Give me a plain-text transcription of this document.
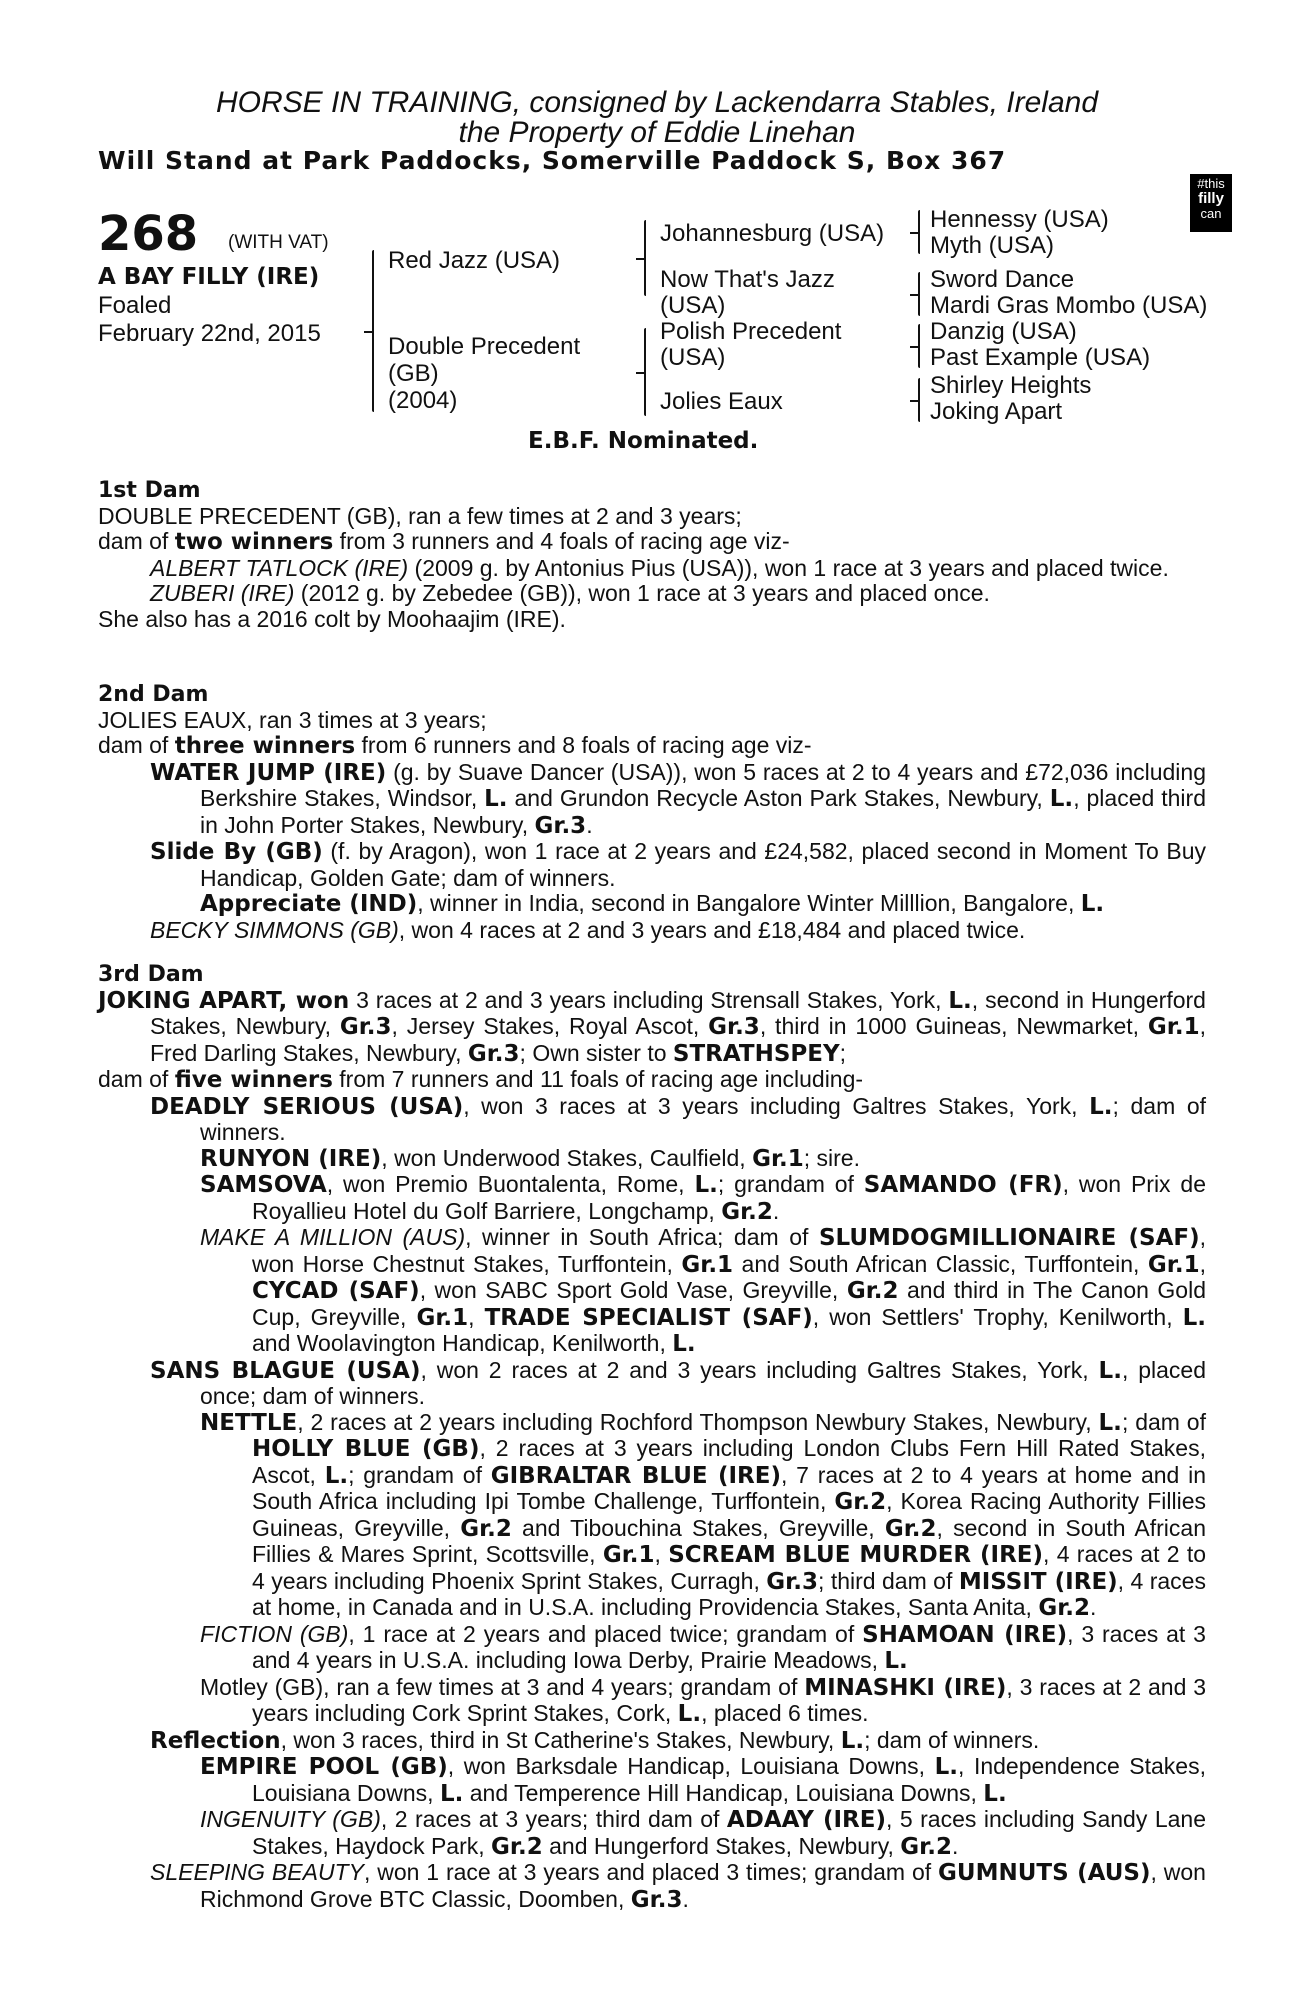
HORSE IN TRAINING, consigned by Lackendarra Stables, Ireland
the Property of Eddie Linehan
Will Stand at Park Paddocks, Somerville Paddock S, Box 367
#this
filly
can
268 (WITH VAT)
A BAY FILLY (IRE)
Foaled
February 22nd, 2015
Red Jazz (USA)
Double Precedent
(GB)
(2004)
Johannesburg (USA)
Now That's Jazz
(USA)
Polish Precedent
(USA)
Jolies Eaux
Hennessy (USA)
Myth (USA)
Sword Dance
Mardi Gras Mombo (USA)
Danzig (USA)
Past Example (USA)
Shirley Heights
Joking Apart
E.B.F. Nominated.
1st Dam
DOUBLE PRECEDENT (GB), ran a few times at 2 and 3 years;
dam of two winners from 3 runners and 4 foals of racing age viz-
ALBERT TATLOCK (IRE) (2009 g. by Antonius Pius (USA)), won 1 race at 3 years and placed twice.
ZUBERI (IRE) (2012 g. by Zebedee (GB)), won 1 race at 3 years and placed once.
She also has a 2016 colt by Moohaajim (IRE).
2nd Dam
JOLIES EAUX, ran 3 times at 3 years;
dam of three winners from 6 runners and 8 foals of racing age viz-
WATER JUMP (IRE) (g. by Suave Dancer (USA)), won 5 races at 2 to 4 years and £72,036 including Berkshire Stakes, Windsor, L. and Grundon Recycle Aston Park Stakes, Newbury, L., placed third in John Porter Stakes, Newbury, Gr.3.
Slide By (GB) (f. by Aragon), won 1 race at 2 years and £24,582, placed second in Moment To Buy Handicap, Golden Gate; dam of winners.
Appreciate (IND), winner in India, second in Bangalore Winter Milllion, Bangalore, L.
BECKY SIMMONS (GB), won 4 races at 2 and 3 years and £18,484 and placed twice.
3rd Dam
JOKING APART, won 3 races at 2 and 3 years including Strensall Stakes, York, L., second in Hungerford Stakes, Newbury, Gr.3, Jersey Stakes, Royal Ascot, Gr.3, third in 1000 Guineas, Newmarket, Gr.1, Fred Darling Stakes, Newbury, Gr.3; Own sister to STRATHSPEY;
dam of five winners from 7 runners and 11 foals of racing age including-
DEADLY SERIOUS (USA), won 3 races at 3 years including Galtres Stakes, York, L.; dam of winners.
RUNYON (IRE), won Underwood Stakes, Caulfield, Gr.1; sire.
SAMSOVA, won Premio Buontalenta, Rome, L.; grandam of SAMANDO (FR), won Prix de Royallieu Hotel du Golf Barriere, Longchamp, Gr.2.
MAKE A MILLION (AUS), winner in South Africa; dam of SLUMDOGMILLIONAIRE (SAF), won Horse Chestnut Stakes, Turffontein, Gr.1 and South African Classic, Turffontein, Gr.1, CYCAD (SAF), won SABC Sport Gold Vase, Greyville, Gr.2 and third in The Canon Gold Cup, Greyville, Gr.1, TRADE SPECIALIST (SAF), won Settlers' Trophy, Kenilworth, L. and Woolavington Handicap, Kenilworth, L.
SANS BLAGUE (USA), won 2 races at 2 and 3 years including Galtres Stakes, York, L., placed once; dam of winners.
NETTLE, 2 races at 2 years including Rochford Thompson Newbury Stakes, Newbury, L.; dam of HOLLY BLUE (GB), 2 races at 3 years including London Clubs Fern Hill Rated Stakes, Ascot, L.; grandam of GIBRALTAR BLUE (IRE), 7 races at 2 to 4 years at home and in South Africa including Ipi Tombe Challenge, Turffontein, Gr.2, Korea Racing Authority Fillies Guineas, Greyville, Gr.2 and Tibouchina Stakes, Greyville, Gr.2, second in South African Fillies & Mares Sprint, Scottsville, Gr.1, SCREAM BLUE MURDER (IRE), 4 races at 2 to 4 years including Phoenix Sprint Stakes, Curragh, Gr.3; third dam of MISSIT (IRE), 4 races at home, in Canada and in U.S.A. including Providencia Stakes, Santa Anita, Gr.2.
FICTION (GB), 1 race at 2 years and placed twice; grandam of SHAMOAN (IRE), 3 races at 3 and 4 years in U.S.A. including Iowa Derby, Prairie Meadows, L.
Motley (GB), ran a few times at 3 and 4 years; grandam of MINASHKI (IRE), 3 races at 2 and 3 years including Cork Sprint Stakes, Cork, L., placed 6 times.
Reflection, won 3 races, third in St Catherine's Stakes, Newbury, L.; dam of winners.
EMPIRE POOL (GB), won Barksdale Handicap, Louisiana Downs, L., Independence Stakes, Louisiana Downs, L. and Temperence Hill Handicap, Louisiana Downs, L.
INGENUITY (GB), 2 races at 3 years; third dam of ADAAY (IRE), 5 races including Sandy Lane Stakes, Haydock Park, Gr.2 and Hungerford Stakes, Newbury, Gr.2.
SLEEPING BEAUTY, won 1 race at 3 years and placed 3 times; grandam of GUMNUTS (AUS), won Richmond Grove BTC Classic, Doomben, Gr.3.
